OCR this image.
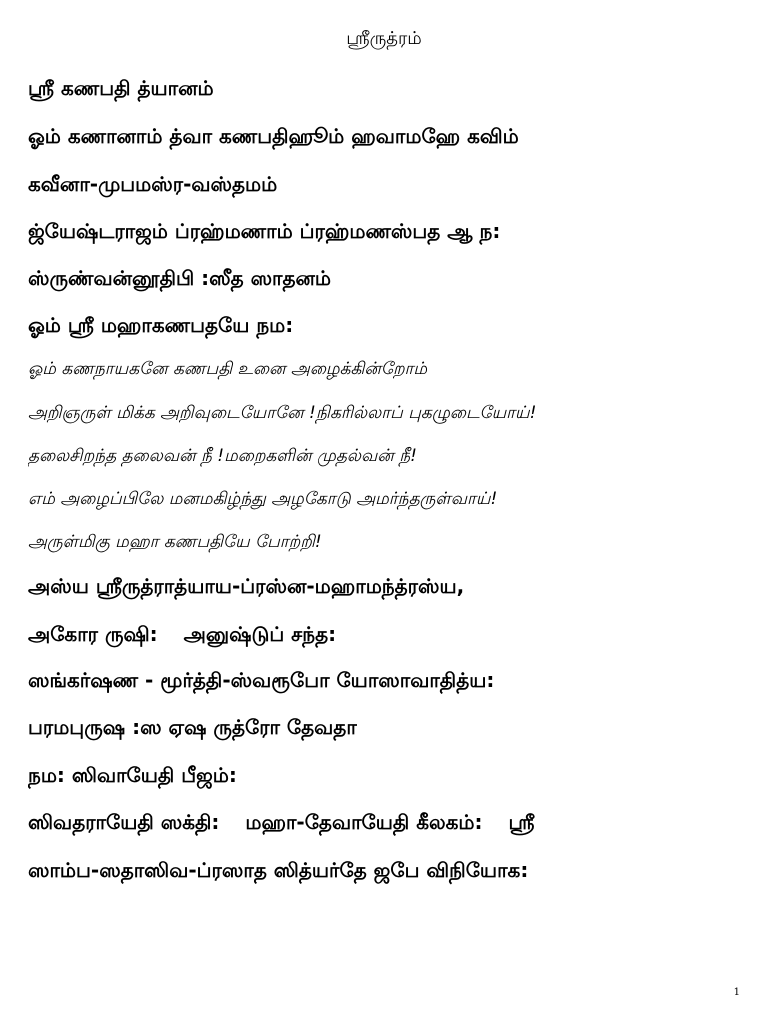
ஸ்ரீருத்ரம்
ஸ்ரீ கணபதி த்யானம்
ஓம் கணானாம் த்வா கணபதிஹூம் ஹவாமஹே கவிம்
கவீனா-முபமஸ்ர-வஸ்தமம்
ஜ்யேஷ்டராஜம் ப்ரஹ்மணாம் ப்ரஹ்மணஸ்பத ஆ ந:
ஸ்ருண்வன்னூதிபி :ஸீத ஸாதனம்
ஓம் ஸ்ரீ மஹாகணபதயே நம:
ஓம் கணநாயகனே கணபதி உனை அழைக்கின்றோம்
அறிஞருள் மிக்க அறிவுடையோனே !நிகரில்லாப் புகழுடையோய்!
தலைசிறந்த தலைவன் நீ !மறைகளின் முதல்வன் நீ!
எம் அழைப்பிலே மனமகிழ்ந்து அழகோடு அமர்ந்தருள்வாய்!
அருள்மிகு மஹா கணபதியே போற்றி!
அஸ்ய ஸ்ரீருத்ராத்யாய-ப்ரஸ்ன-மஹாமந்த்ரஸ்ய,
அகோர ருஷி: அனுஷ்டுப் சந்த:
ஸங்கர்ஷண - மூர்த்தி-ஸ்வரூபோ யோஸாவாதித்ய:
பரமபுருஷ :ஸ ஏஷ ருத்ரோ தேவதா
நம: ஸிவாயேதி பீஜம்:
ஸிவதராயேதி ஸக்தி: மஹா-தேவாயேதி கீலகம்: ஸ்ரீ
ஸாம்ப-ஸதாஸிவ-ப்ரஸாத ஸித்யர்தே ஜபே விநியோக:
1
